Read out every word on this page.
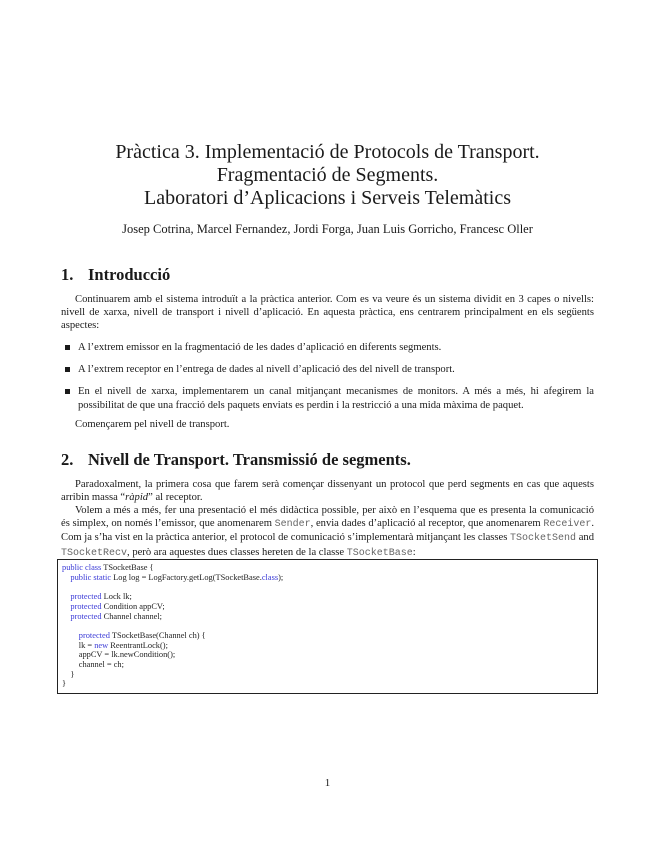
Pràctica 3. Implementació de Protocols de Transport.
Fragmentació de Segments.
Laboratori d’Aplicacions i Serveis Telemàtics
Josep Cotrina, Marcel Fernandez, Jordi Forga, Juan Luis Gorricho, Francesc Oller
1. Introducció
Continuarem amb el sistema introduït a la pràctica anterior. Com es va veure és un sistema dividit en 3 capes o nivells: nivell de xarxa, nivell de transport i nivell d’aplicació. En aquesta pràctica, ens centrarem principalment en els següents aspectes:
A l’extrem emissor en la fragmentació de les dades d’aplicació en diferents segments.
A l’extrem receptor en l’entrega de dades al nivell d’aplicació des del nivell de transport.
En el nivell de xarxa, implementarem un canal mitjançant mecanismes de monitors. A més a més, hi afegirem la possibilitat de que una fracció dels paquets enviats es perdin i la restricció a una mida màxima de paquet.
Començarem pel nivell de transport.
2. Nivell de Transport. Transmissió de segments.
Paradoxalment, la primera cosa que farem serà començar dissenyant un protocol que perd segments en cas que aquests arribin massa “ràpid” al receptor.
Volem a més a més, fer una presentació el més didàctica possible, per això en l’esquema que es presenta la comunicació és simplex, on només l’emissor, que anomenarem Sender, envia dades d’aplicació al receptor, que anomenarem Receiver. Com ja s’ha vist en la pràctica anterior, el protocol de comunicació s’implementarà mitjançant les classes TSocketSend and TSocketRecv, però ara aquestes dues classes hereten de la classe TSocketBase:
public class TSocketBase {
public static Log log = LogFactory.getLog(TSocketBase.class);

protected Lock lk;
protected Condition appCV;
protected Channel channel;

protected TSocketBase(Channel ch) {
lk = new ReentrantLock();
appCV = lk.newCondition();
channel = ch;
}
}
1
